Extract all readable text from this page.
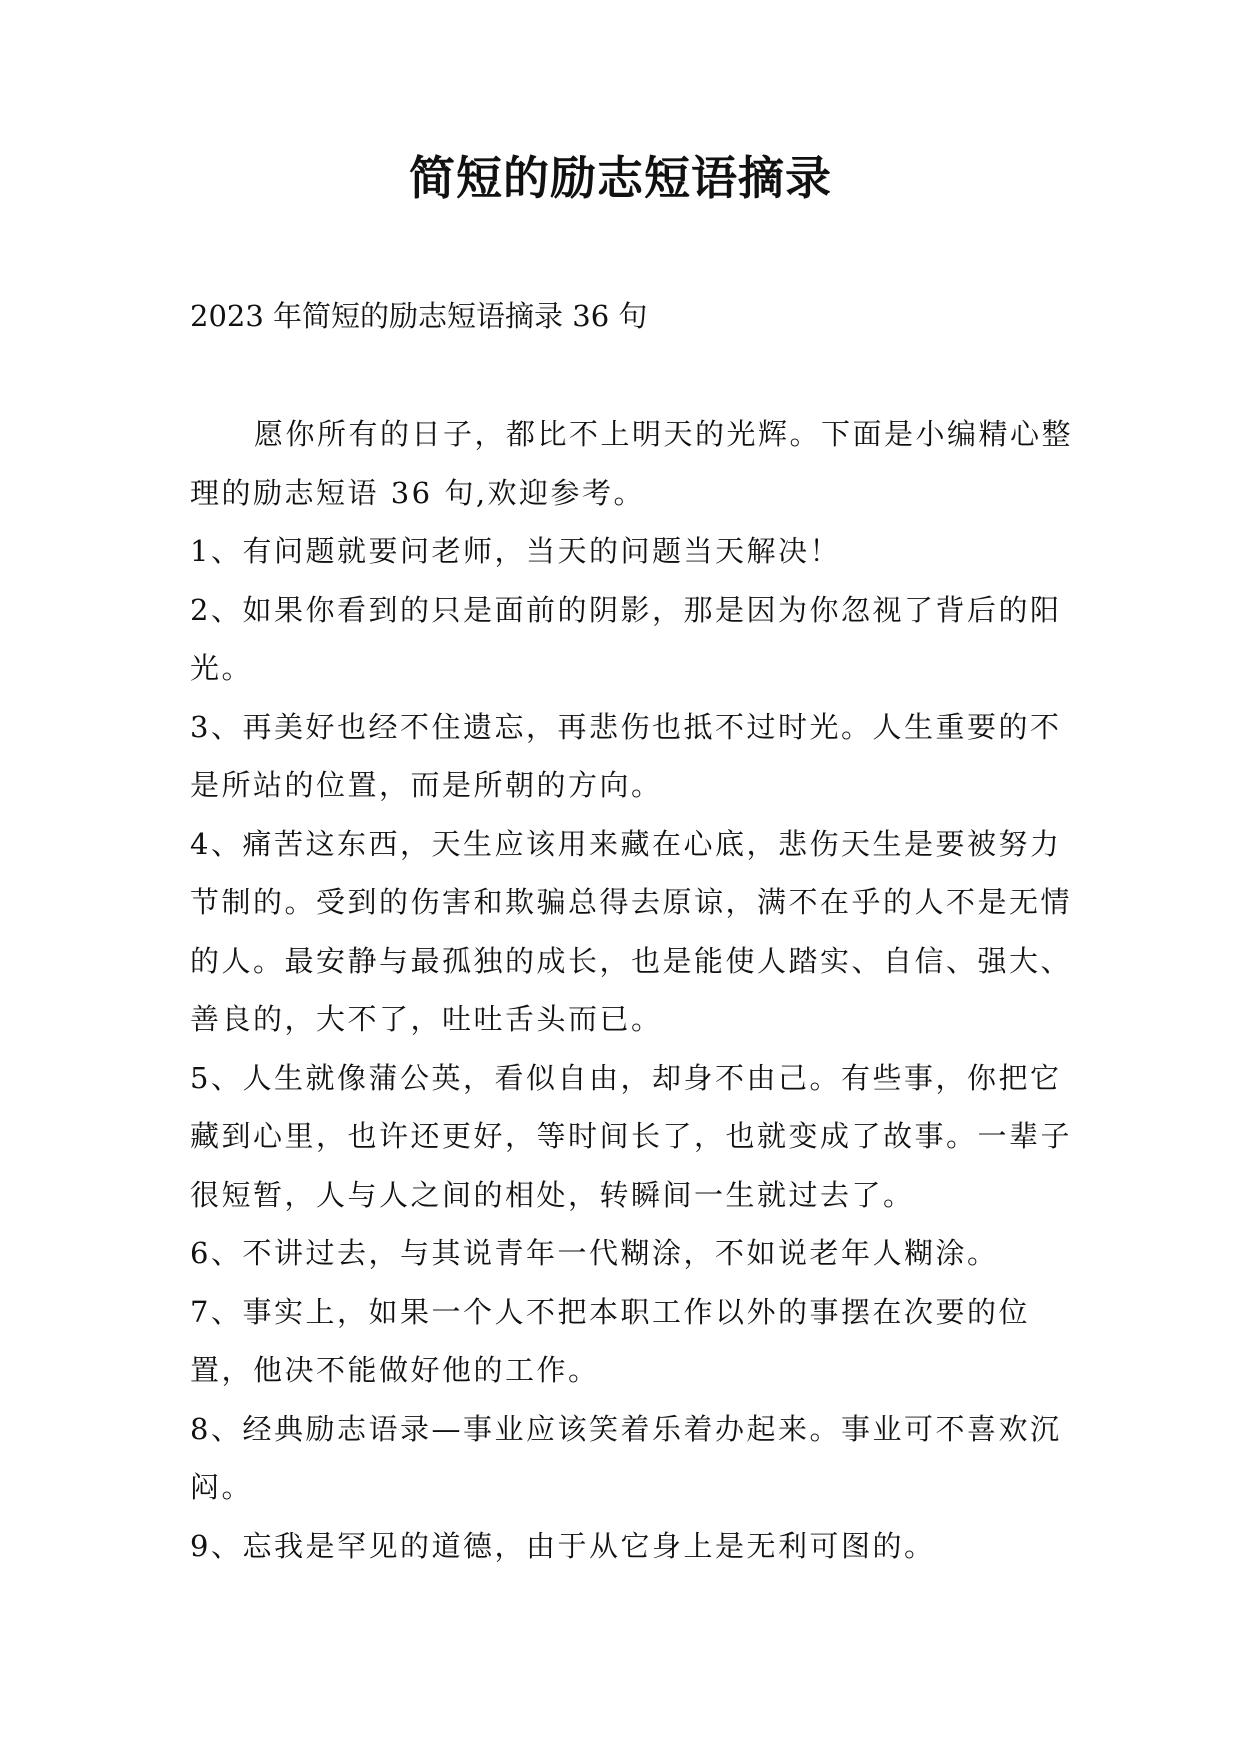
简短的励志短语摘录
2023 年简短的励志短语摘录 36 句

愿你所有的日子，都比不上明天的光辉。下面是小编精心整理的励志短语 36 句,欢迎参考。

1、有问题就要问老师，当天的问题当天解决！

2、如果你看到的只是面前的阴影，那是因为你忽视了背后的阳光。

3、再美好也经不住遗忘，再悲伤也抵不过时光。人生重要的不是所站的位置，而是所朝的方向。

4、痛苦这东西，天生应该用来藏在心底，悲伤天生是要被努力节制的。受到的伤害和欺骗总得去原谅，满不在乎的人不是无情的人。最安静与最孤独的成长，也是能使人踏实、自信、强大、善良的，大不了，吐吐舌头而已。

5、人生就像蒲公英，看似自由，却身不由己。有些事，你把它藏到心里，也许还更好，等时间长了，也就变成了故事。一辈子很短暂，人与人之间的相处，转瞬间一生就过去了。

6、不讲过去，与其说青年一代糊涂，不如说老年人糊涂。

7、事实上，如果一个人不把本职工作以外的事摆在次要的位置，他决不能做好他的工作。

8、经典励志语录—事业应该笑着乐着办起来。事业可不喜欢沉闷。

9、忘我是罕见的道德，由于从它身上是无利可图的。
